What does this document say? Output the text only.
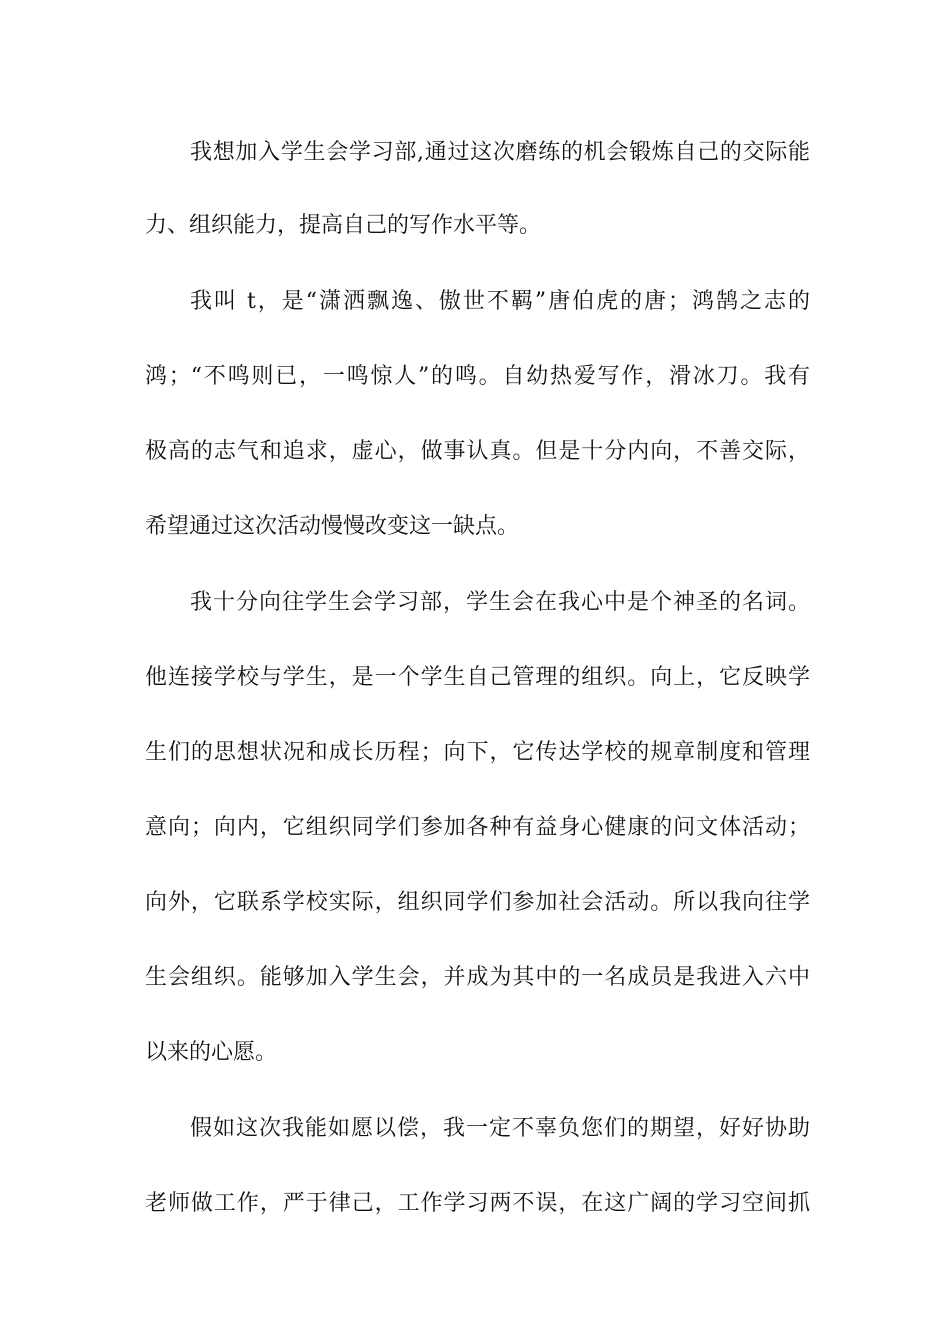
我想加入学生会学习部,通过这次磨练的机会锻炼自己的交际能
力、组织能力，提高自己的写作水平等。
我叫 t，是“潇洒飘逸、傲世不羁”唐伯虎的唐；鸿鹄之志的
鸿；“不鸣则已，一鸣惊人”的鸣。自幼热爱写作，滑冰刀。我有
极高的志气和追求，虚心，做事认真。但是十分内向，不善交际，
希望通过这次活动慢慢改变这一缺点。
我十分向往学生会学习部，学生会在我心中是个神圣的名词。
他连接学校与学生，是一个学生自己管理的组织。向上，它反映学
生们的思想状况和成长历程；向下，它传达学校的规章制度和管理
意向；向内，它组织同学们参加各种有益身心健康的问文体活动；
向外，它联系学校实际，组织同学们参加社会活动。所以我向往学
生会组织。能够加入学生会，并成为其中的一名成员是我进入六中
以来的心愿。
假如这次我能如愿以偿，我一定不辜负您们的期望，好好协助
老师做工作，严于律己，工作学习两不误，在这广阔的学习空间抓
